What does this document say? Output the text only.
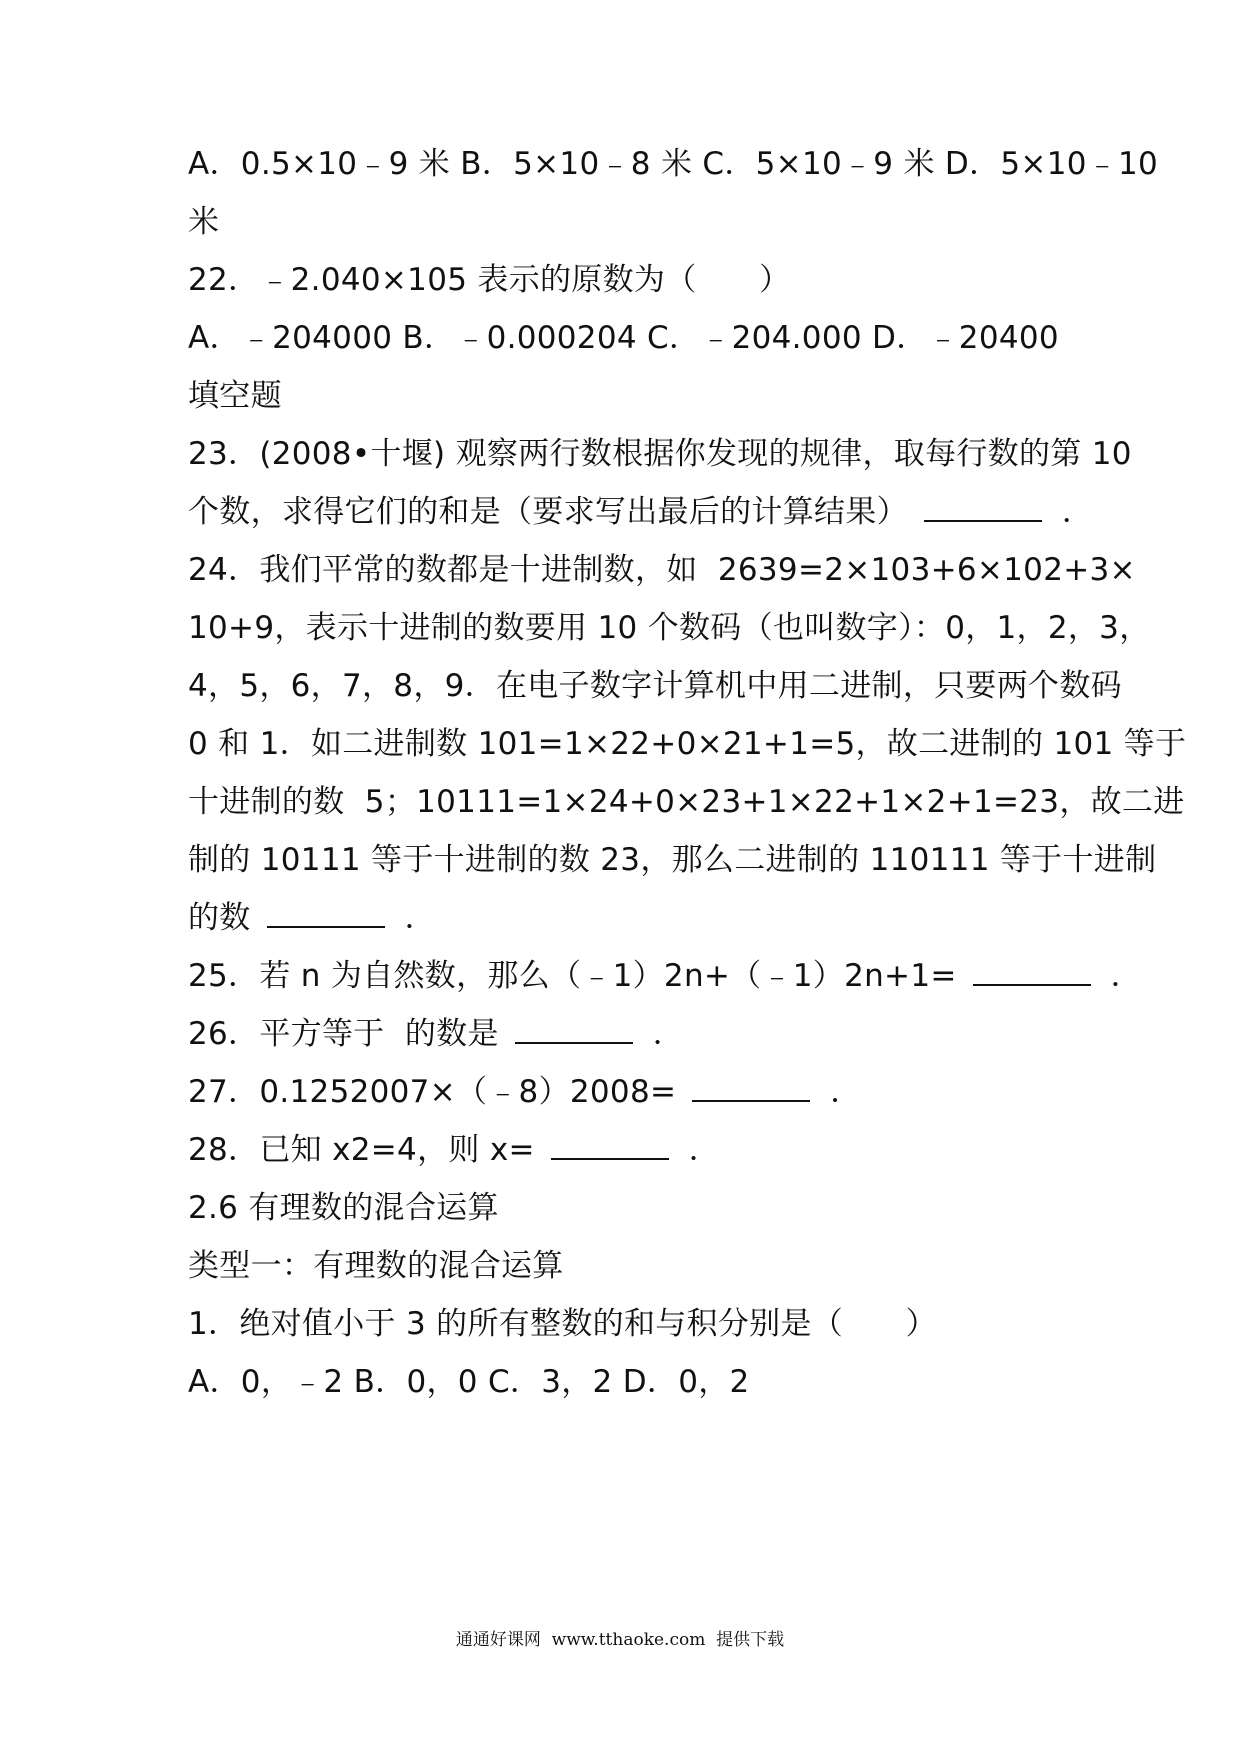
A．0.5×10﹣9 米 B．5×10﹣8 米 C．5×10﹣9 米 D．5×10﹣10
米
22．﹣2.040×105 表示的原数为（　　）
A．﹣204000 B．﹣0.000204 C．﹣204.000 D．﹣20400
填空题
23．(2008•十堰) 观察两行数根据你发现的规律，取每行数的第 10
个数，求得它们的和是（要求写出最后的计算结果）	．
24．我们平常的数都是十进制数，如  2639=2×103+6×102+3×
10+9，表示十进制的数要用 10 个数码（也叫数字）：0，1，2，3，
4，5，6，7，8，9．在电子数字计算机中用二进制，只要两个数码
0 和 1．如二进制数 101=1×22+0×21+1=5，故二进制的 101 等于
十进制的数  5；10111=1×24+0×23+1×22+1×2+1=23，故二进
制的 10111 等于十进制的数 23，那么二进制的 110111 等于十进制
的数	．
25．若 n 为自然数，那么（﹣1）2n+（﹣1）2n+1=	．
26．平方等于  的数是	．
27．0.1252007×（﹣8）2008=	．
28．已知 x2=4，则 x=	．
2.6 有理数的混合运算
类型一：有理数的混合运算
1．绝对值小于 3 的所有整数的和与积分别是（　　）
A．0，﹣2 B．0，0 C．3，2 D．0，2
通通好课网  www.tthaoke.com  提供下载
